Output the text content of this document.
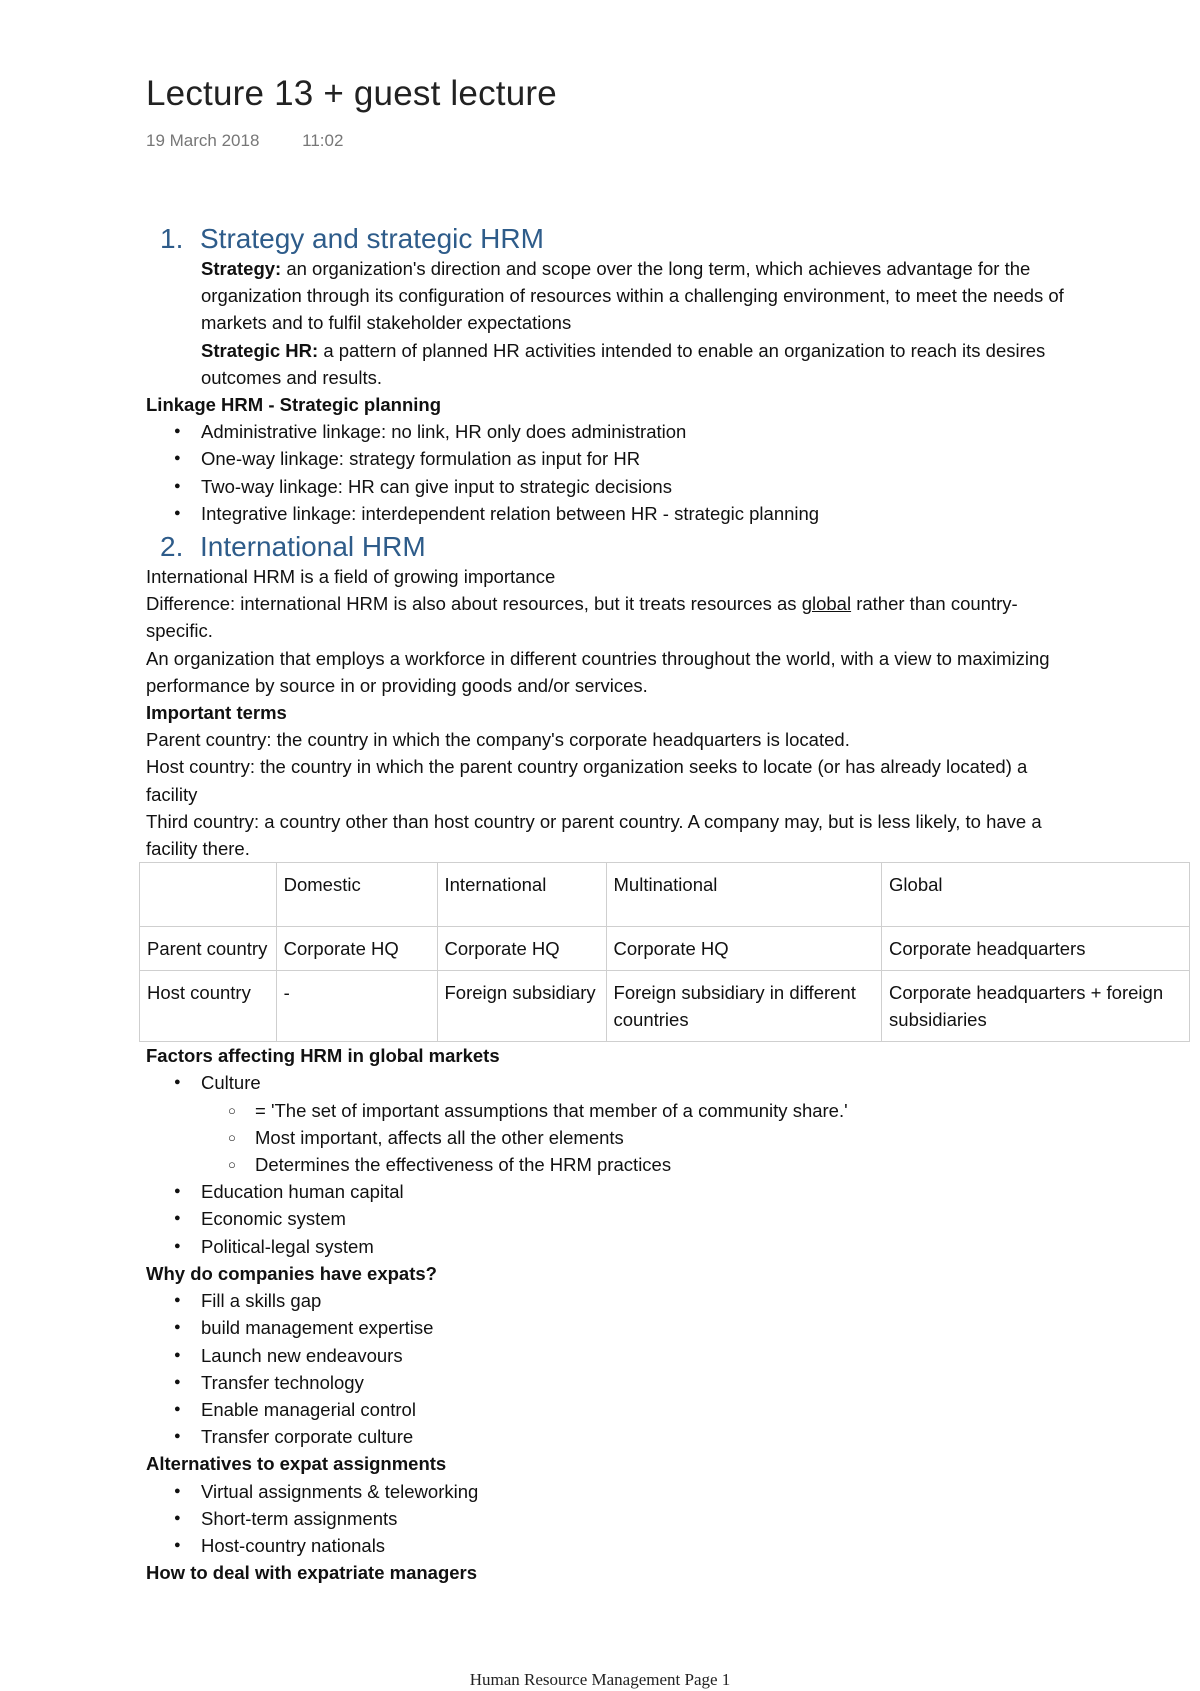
Lecture 13 + guest lecture
19 March 2018	11:02
1. Strategy and strategic HRM

Strategy: an organization's direction and scope over the long term, which achieves advantage for the organization through its configuration of resources within a challenging environment, to meet the needs of markets and to fulfil stakeholder expectations

Strategic HR: a pattern of planned HR activities intended to enable an organization to reach its desires outcomes and results.

Linkage HRM - Strategic planning

● Administrative linkage: no link, HR only does administration
● One-way linkage: strategy formulation as input for HR
● Two-way linkage: HR can give input to strategic decisions
● Integrative linkage: interdependent relation between HR - strategic planning
2. International HRM

International HRM is a field of growing importance

Difference: international HRM is also about resources, but it treats resources as global rather than country-specific.

An organization that employs a workforce in different countries throughout the world, with a view to maximizing performance by source in or providing goods and/or services.

Important terms

Parent country: the country in which the company's corporate headquarters is located.

Host country: the country in which the parent country organization seeks to locate (or has already located) a facility

Third country: a country other than host country or parent country. A company may, but is less likely, to have a facility there.

	Domestic	International	Multinational	Global
Parent country	Corporate HQ	Corporate HQ	Corporate HQ	Corporate headquarters
Host country	-	Foreign subsidiary	Foreign subsidiary in different countries	Corporate headquarters + foreign subsidiaries

Factors affecting HRM in global markets

● Culture
○ = 'The set of important assumptions that member of a community share.'
○ Most important, affects all the other elements
○ Determines the effectiveness of the HRM practices
● Education human capital
● Economic system
● Political-legal system

Why do companies have expats?

● Fill a skills gap
● build management expertise
● Launch new endeavours
● Transfer technology
● Enable managerial control
● Transfer corporate culture

Alternatives to expat assignments

● Virtual assignments & teleworking
● Short-term assignments
● Host-country nationals

How to deal with expatriate managers

Human Resource Management Page 1
